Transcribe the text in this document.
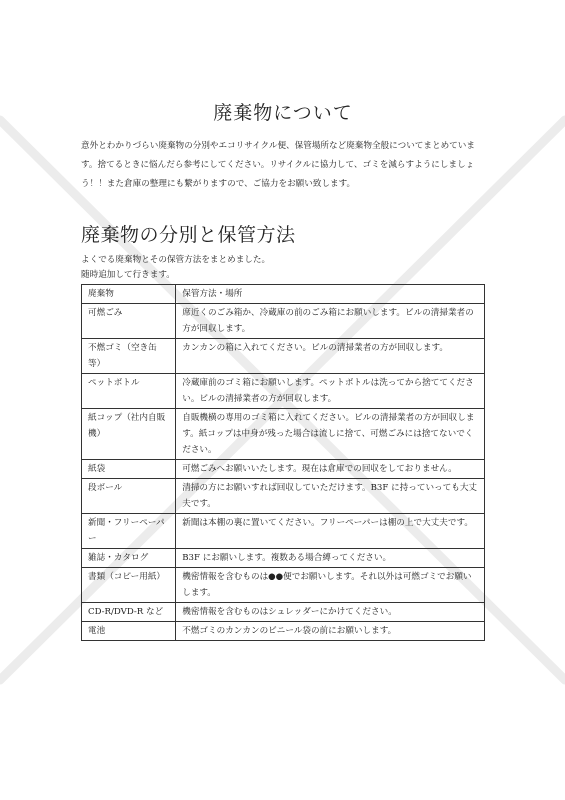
廃棄物について

意外とわかりづらい廃棄物の分別やエコリサイクル便、保管場所など廃棄物全般についてまとめています。捨てるときに悩んだら参考にしてください。リサイクルに協力して、ゴミを減らすようにしましょう！！また倉庫の整理にも繋がりますので、ご協力をお願い致します。

廃棄物の分別と保管方法

よくでる廃棄物とその保管方法をまとめました。

随時追加して行きます。

廃棄物	保管方法・場所
可燃ごみ	席近くのごみ箱か、冷蔵庫の前のごみ箱にお願いします。ビルの清掃業者の方が回収します。
不燃ゴミ（空き缶等）	カンカンの箱に入れてください。ビルの清掃業者の方が回収します。
ペットボトル	冷蔵庫前のゴミ箱にお願いします。ペットボトルは洗ってから捨ててください。ビルの清掃業者の方が回収します。
紙コップ（社内自販機）	自販機横の専用のゴミ箱に入れてください。ビルの清掃業者の方が回収します。紙コップは中身が残った場合は流しに捨て、可燃ごみには捨てないでください。
紙袋	可燃ごみへお願いいたします。現在は倉庫での回収をしておりません。
段ボール	清掃の方にお願いすれば回収していただけます。B3F に持っていっても大丈夫です。
新聞・フリーペーパー	新聞は本棚の裏に置いてください。フリーペーパーは棚の上で大丈夫です。
雑誌・カタログ	B3F にお願いします。複数ある場合縛ってください。
書類（コピー用紙）	機密情報を含むものは●●便でお願いします。それ以外は可燃ゴミでお願いします。
CD-R/DVD-R など	機密情報を含むものはシュレッダーにかけてください。
電池	不燃ゴミのカンカンのビニール袋の前にお願いします。
